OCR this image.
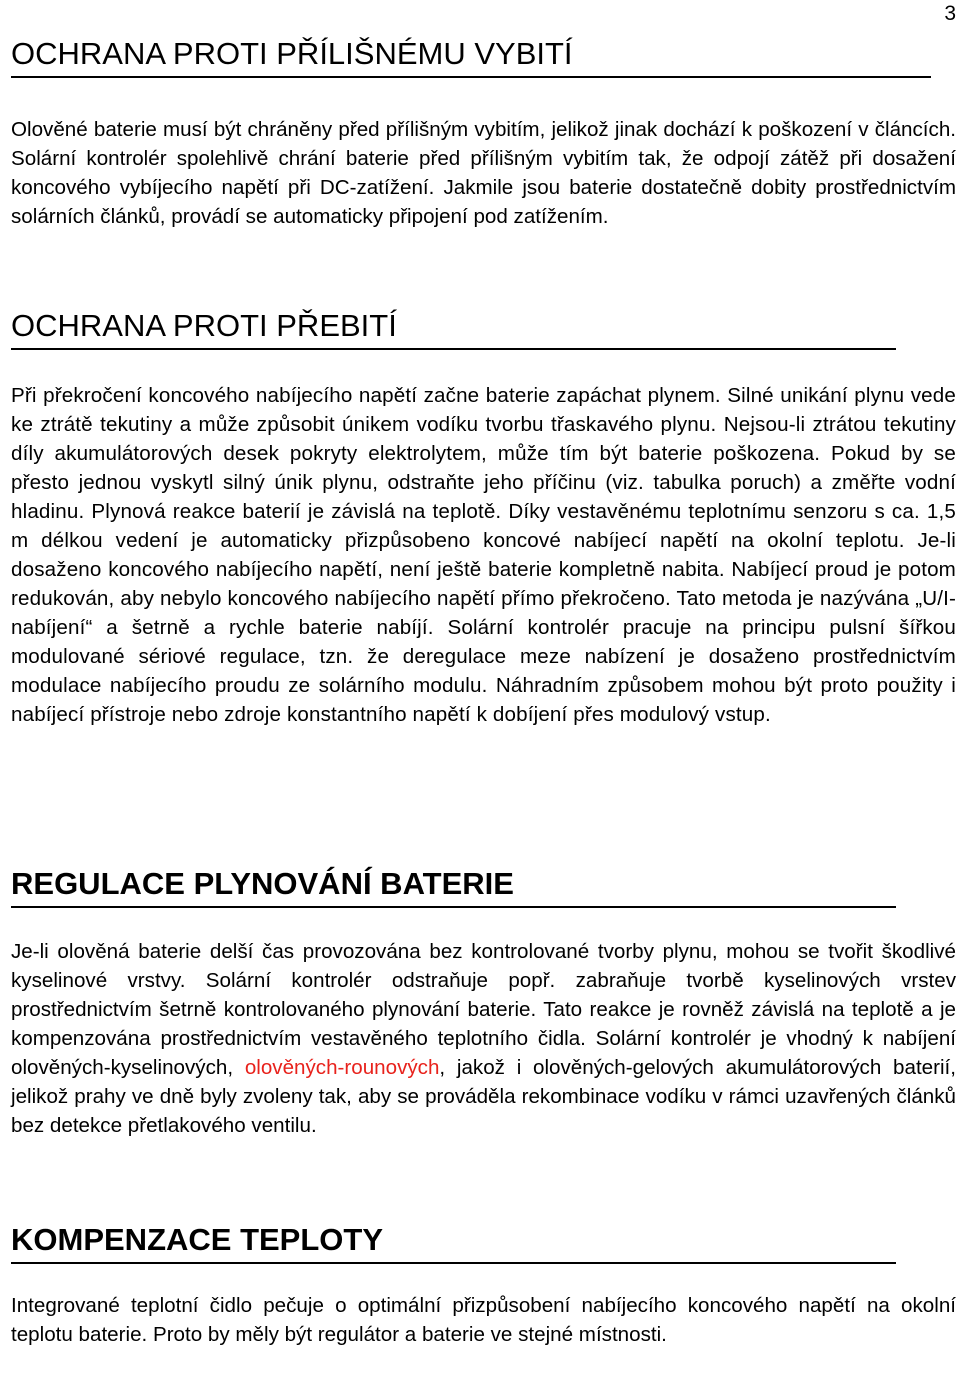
3
OCHRANA PROTI PŘÍLIŠNÉMU VYBITÍ

Olověné baterie musí být chráněny před přílišným vybitím, jelikož jinak dochází k poškození v článcích. Solární kontrolér spolehlivě chrání baterie před přílišným vybitím tak, že odpojí zátěž při dosažení koncového vybíjecího napětí při DC-zatížení. Jakmile jsou baterie dostatečně dobity prostřednictvím solárních článků, provádí se automaticky připojení pod zatížením.

OCHRANA PROTI PŘEBITÍ

Při překročení koncového nabíjecího napětí začne baterie zapáchat plynem. Silné unikání plynu vede ke ztrátě tekutiny a může způsobit únikem vodíku tvorbu třaskavého plynu. Nejsou-li ztrátou tekutiny díly akumulátorových desek pokryty elektrolytem, může tím být baterie poškozena. Pokud by se přesto jednou vyskytl silný únik plynu, odstraňte jeho příčinu (viz. tabulka poruch) a změřte vodní hladinu. Plynová reakce baterií je závislá na teplotě. Díky vestavěnému teplotnímu senzoru s ca. 1,5 m délkou vedení je automaticky přizpůsobeno koncové nabíjecí napětí na okolní teplotu. Je-li dosaženo koncového nabíjecího napětí, není ještě baterie kompletně nabita. Nabíjecí proud je potom redukován, aby nebylo koncového nabíjecího napětí přímo překročeno. Tato metoda je nazývána „U/I-nabíjení“ a šetrně a rychle baterie nabíjí. Solární kontrolér pracuje na principu pulsní šířkou modulované sériové regulace, tzn. že deregulace meze nabízení je dosaženo prostřednictvím modulace nabíjecího proudu ze solárního modulu. Náhradním způsobem mohou být proto použity i nabíjecí přístroje nebo zdroje konstantního napětí k dobíjení přes modulový vstup.

REGULACE PLYNOVÁNÍ BATERIE

Je-li olověná baterie delší čas provozována bez kontrolované tvorby plynu, mohou se tvořit škodlivé kyselinové vrstvy. Solární kontrolér odstraňuje popř. zabraňuje tvorbě kyselinových vrstev prostřednictvím šetrně kontrolovaného plynování baterie. Tato reakce je rovněž závislá na teplotě a je kompenzována prostřednictvím vestavěného teplotního čidla. Solární kontrolér je vhodný k nabíjení olověných-kyselinových, olověných-rounových, jakož i olověných-gelových akumulátorových baterií, jelikož prahy ve dně byly zvoleny tak, aby se prováděla rekombinace vodíku v rámci uzavřených článků bez detekce přetlakového ventilu.

KOMPENZACE TEPLOTY

Integrované teplotní čidlo pečuje o optimální přizpůsobení nabíjecího koncového napětí na okolní teplotu baterie. Proto by měly být regulátor a baterie ve stejné místnosti.
